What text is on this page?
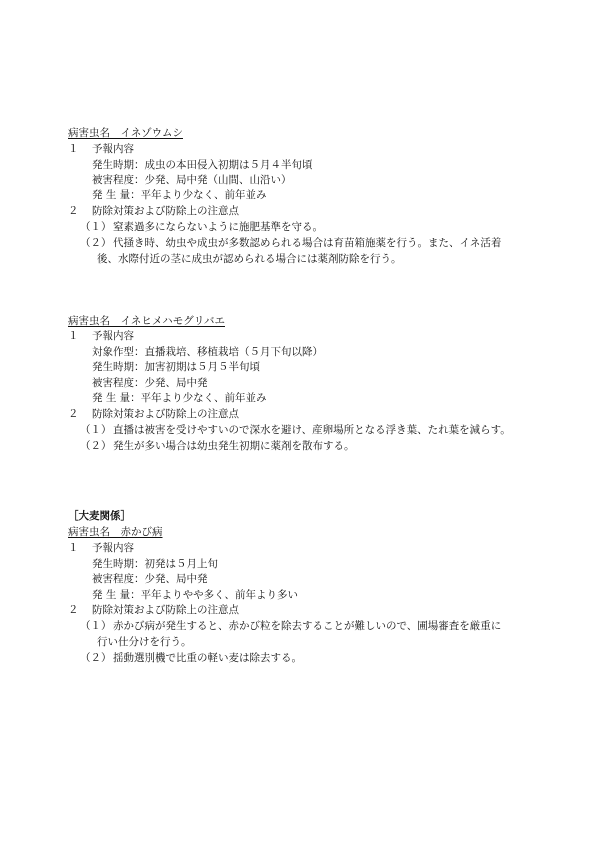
病害虫名　イネゾウムシ
１ 予報内容
発生時期：成虫の本田侵入初期は５月４半旬頃
被害程度：少発、局中発（山間、山沿い）
発 生 量：平年より少なく、前年並み
２ 防除対策および防除上の注意点
（１） 窒素過多にならないように施肥基準を守る。
（２） 代掻き時、幼虫や成虫が多数認められる場合は育苗箱施薬を行う。また、イネ活着
後、水際付近の茎に成虫が認められる場合には薬剤防除を行う。
病害虫名　イネヒメハモグリバエ
１ 予報内容
対象作型：直播栽培、移植栽培（５月下旬以降）
発生時期：加害初期は５月５半旬頃
被害程度：少発、局中発
発 生 量：平年より少なく、前年並み
２ 防除対策および防除上の注意点
（１） 直播は被害を受けやすいので深水を避け、産卵場所となる浮き葉、たれ葉を減らす。
（２） 発生が多い場合は幼虫発生初期に薬剤を散布する。
［大麦関係］
病害虫名　赤かび病
１ 予報内容
発生時期：初発は５月上旬
被害程度：少発、局中発
発 生 量：平年よりやや多く、前年より多い
２ 防除対策および防除上の注意点
（１） 赤かび病が発生すると、赤かび粒を除去することが難しいので、圃場審査を厳重に
行い仕分けを行う。
（２） 揺動選別機で比重の軽い麦は除去する。
